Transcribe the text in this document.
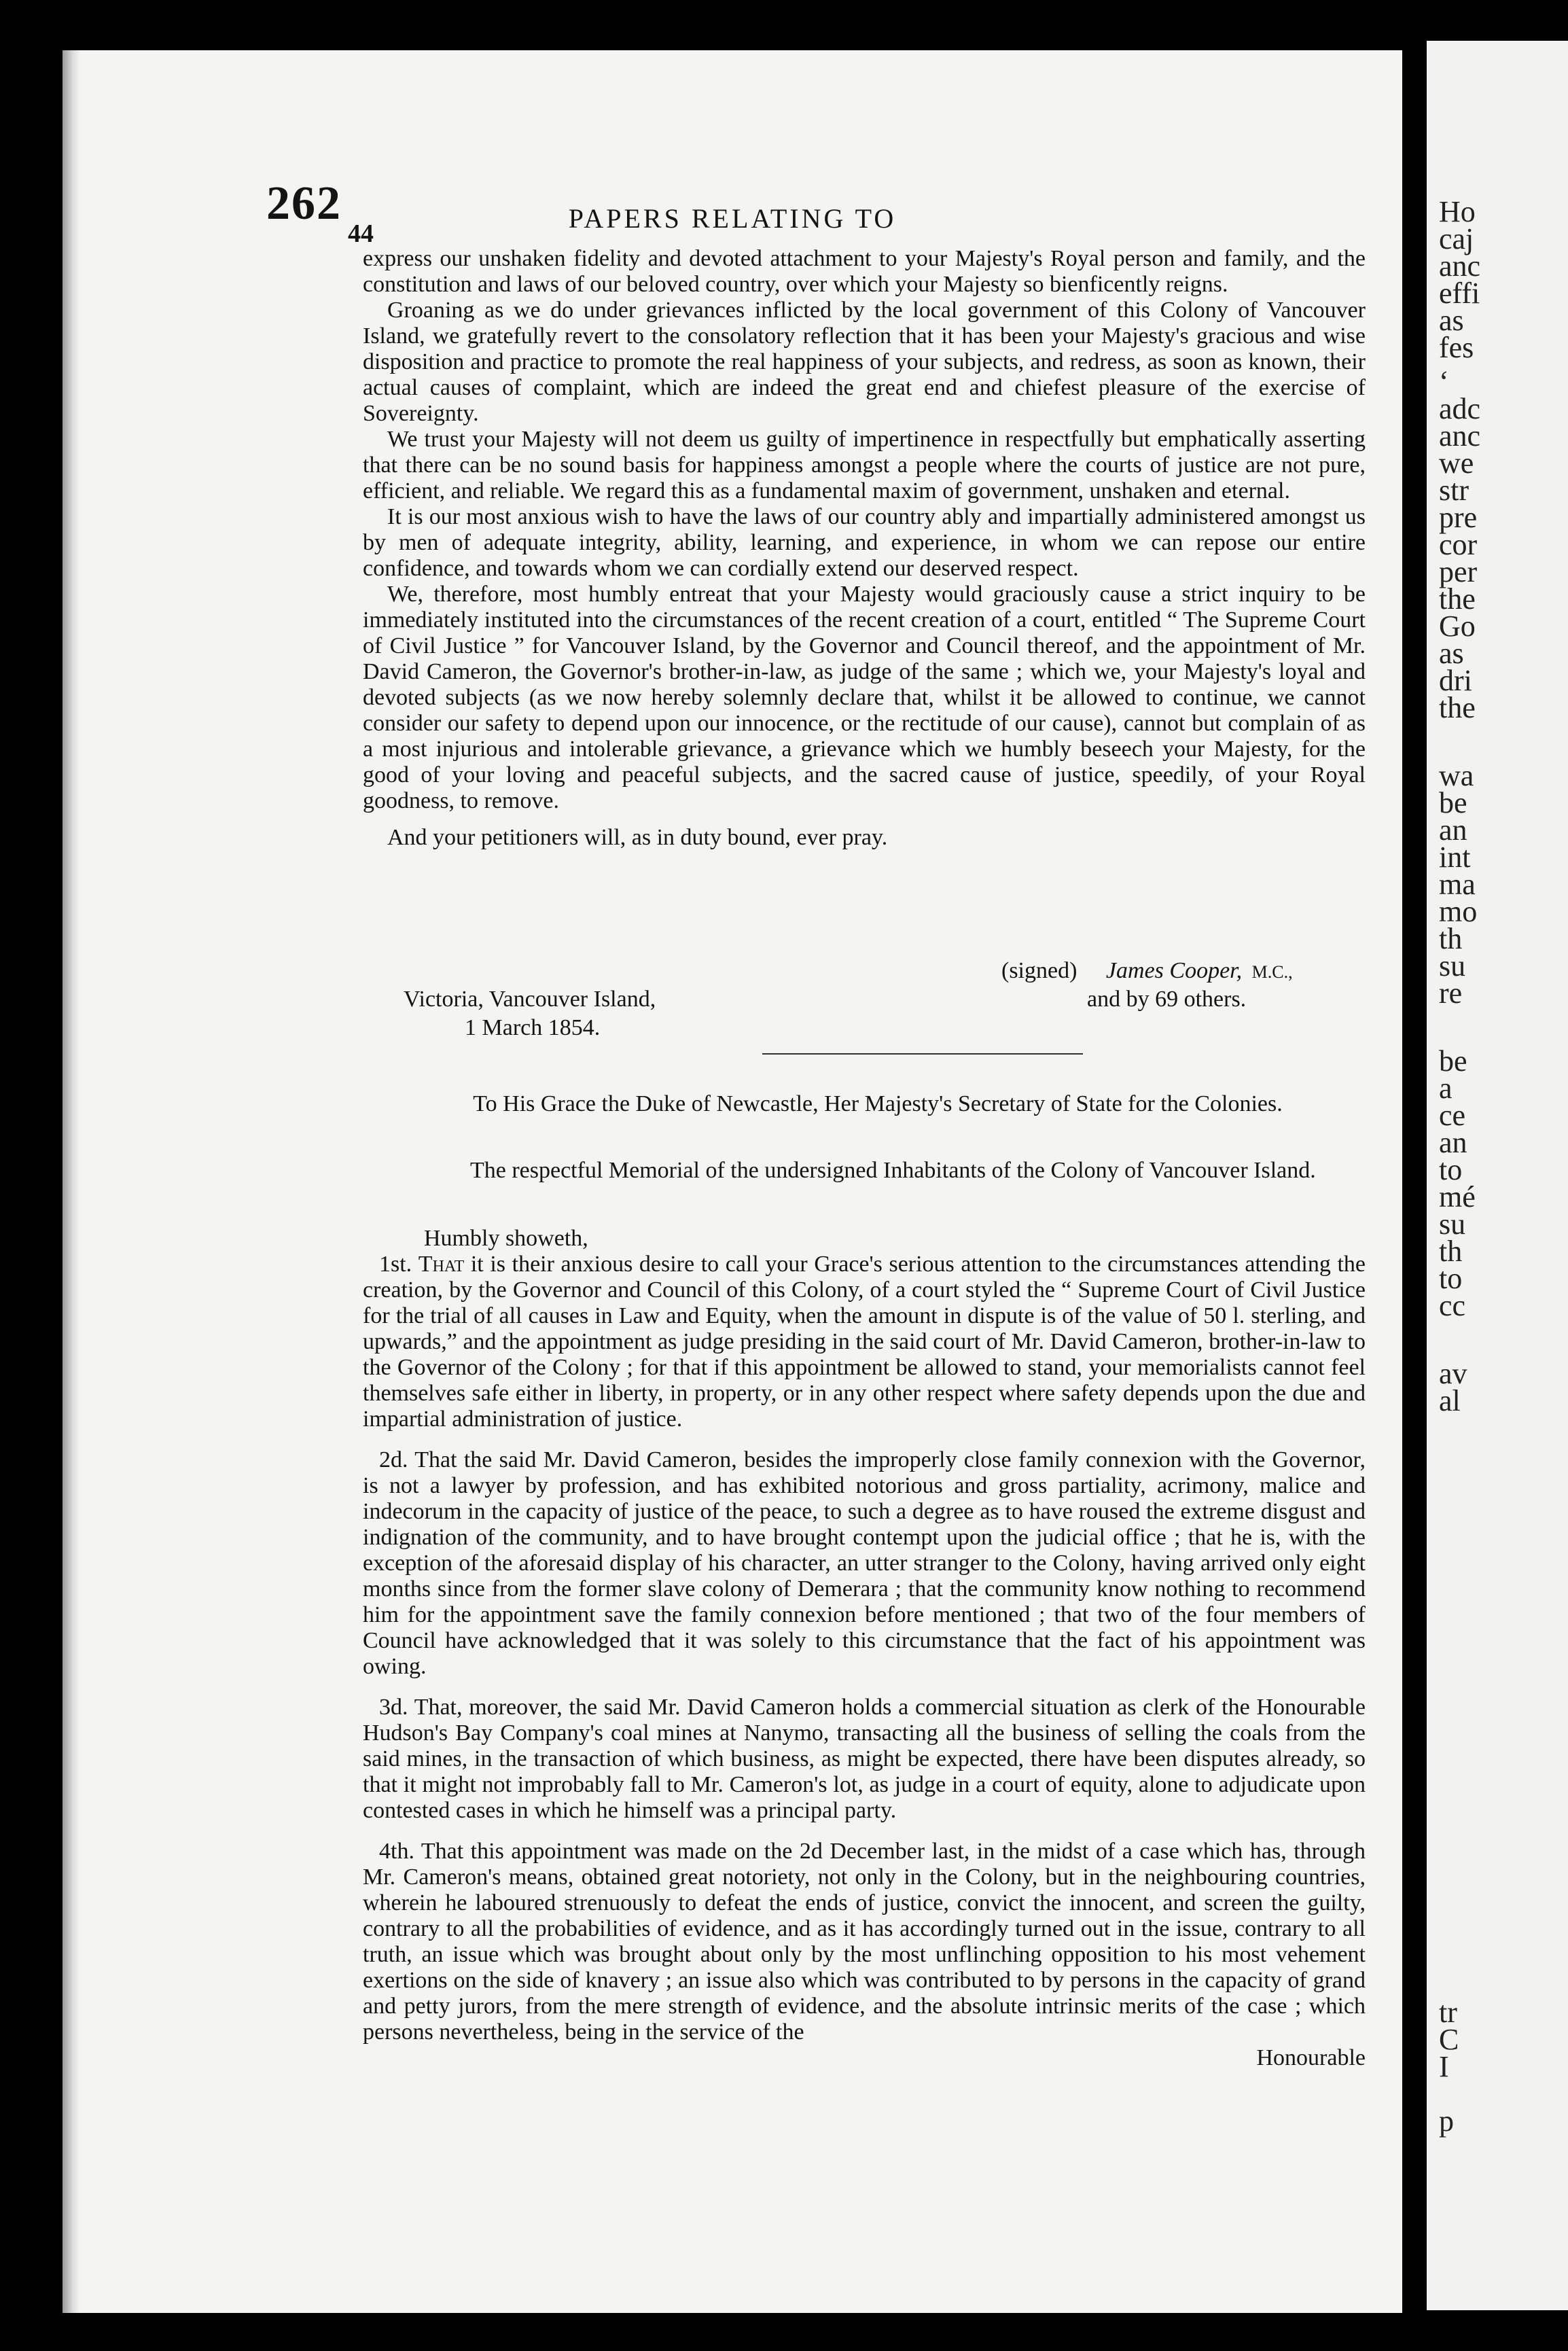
262
44	PAPERS RELATING TO

express our unshaken fidelity and devoted attachment to your Majesty's Royal person and family, and the constitution and laws of our beloved country, over which your Majesty so bienficently reigns.

Groaning as we do under grievances inflicted by the local government of this Colony of Vancouver Island, we gratefully revert to the consolatory reflection that it has been your Majesty's gracious and wise disposition and practice to promote the real happiness of your subjects, and redress, as soon as known, their actual causes of complaint, which are indeed the great end and chiefest pleasure of the exercise of Sovereignty.

We trust your Majesty will not deem us guilty of impertinence in respectfully but emphatically asserting that there can be no sound basis for happiness amongst a people where the courts of justice are not pure, efficient, and reliable. We regard this as a fundamental maxim of government, unshaken and eternal.

It is our most anxious wish to have the laws of our country ably and impartially administered amongst us by men of adequate integrity, ability, learning, and experience, in whom we can repose our entire confidence, and towards whom we can cordially extend our deserved respect.

We, therefore, most humbly entreat that your Majesty would graciously cause a strict inquiry to be immediately instituted into the circumstances of the recent creation of a court, entitled “ The Supreme Court of Civil Justice ” for Vancouver Island, by the Governor and Council thereof, and the appointment of Mr. David Cameron, the Governor's brother-in-law, as judge of the same ; which we, your Majesty's loyal and devoted subjects (as we now hereby solemnly declare that, whilst it be allowed to continue, we cannot consider our safety to depend upon our innocence, or the rectitude of our cause), cannot but complain of as a most injurious and intolerable grievance, a grievance which we humbly beseech your Majesty, for the good of your loving and peaceful subjects, and the sacred cause of justice, speedily, of your Royal goodness, to remove.

And your petitioners will, as in duty bound, ever pray.

(signed) James Cooper, M.C.,
Victoria, Vancouver Island,	and by 69 others.
1 March 1854.
To His Grace the Duke of Newcastle, Her Majesty's Secretary of State for the Colonies.
The respectful Memorial of the undersigned Inhabitants of the Colony of Vancouver Island.

Humbly showeth,

1st. That it is their anxious desire to call your Grace's serious attention to the circumstances attending the creation, by the Governor and Council of this Colony, of a court styled the “ Supreme Court of Civil Justice for the trial of all causes in Law and Equity, when the amount in dispute is of the value of 50 l. sterling, and upwards,” and the appointment as judge presiding in the said court of Mr. David Cameron, brother-in-law to the Governor of the Colony ; for that if this appointment be allowed to stand, your memorialists cannot feel themselves safe either in liberty, in property, or in any other respect where safety depends upon the due and impartial administration of justice.

2d. That the said Mr. David Cameron, besides the improperly close family connexion with the Governor, is not a lawyer by profession, and has exhibited notorious and gross partiality, acrimony, malice and indecorum in the capacity of justice of the peace, to such a degree as to have roused the extreme disgust and indignation of the community, and to have brought contempt upon the judicial office ; that he is, with the exception of the aforesaid display of his character, an utter stranger to the Colony, having arrived only eight months since from the former slave colony of Demerara ; that the community know nothing to recommend him for the appointment save the family connexion before mentioned ; that two of the four members of Council have acknowledged that it was solely to this circumstance that the fact of his appointment was owing.

3d. That, moreover, the said Mr. David Cameron holds a commercial situation as clerk of the Honourable Hudson's Bay Company's coal mines at Nanymo, transacting all the business of selling the coals from the said mines, in the transaction of which business, as might be expected, there have been disputes already, so that it might not improbably fall to Mr. Cameron's lot, as judge in a court of equity, alone to adjudicate upon contested cases in which he himself was a principal party.

4th. That this appointment was made on the 2d December last, in the midst of a case which has, through Mr. Cameron's means, obtained great notoriety, not only in the Colony, but in the neighbouring countries, wherein he laboured strenuously to defeat the ends of justice, convict the innocent, and screen the guilty, contrary to all the probabilities of evidence, and as it has accordingly turned out in the issue, contrary to all truth, an issue which was brought about only by the most unflinching opposition to his most vehement exertions on the side of knavery ; an issue also which was contributed to by persons in the capacity of grand and petty jurors, from the mere strength of evidence, and the absolute intrinsic merits of the case ; which persons nevertheless, being in the service of the

Honourable
Ho
caj
anc
effi
as
fes
‘
adc
anc
we
str
pre
cor
per
the
Go
as
dri
the
wa
be
an
int
ma
mo
th
su
re
be
a
ce
an
to
mé
su
th
to
cc
av
al
tr
C
I
p
